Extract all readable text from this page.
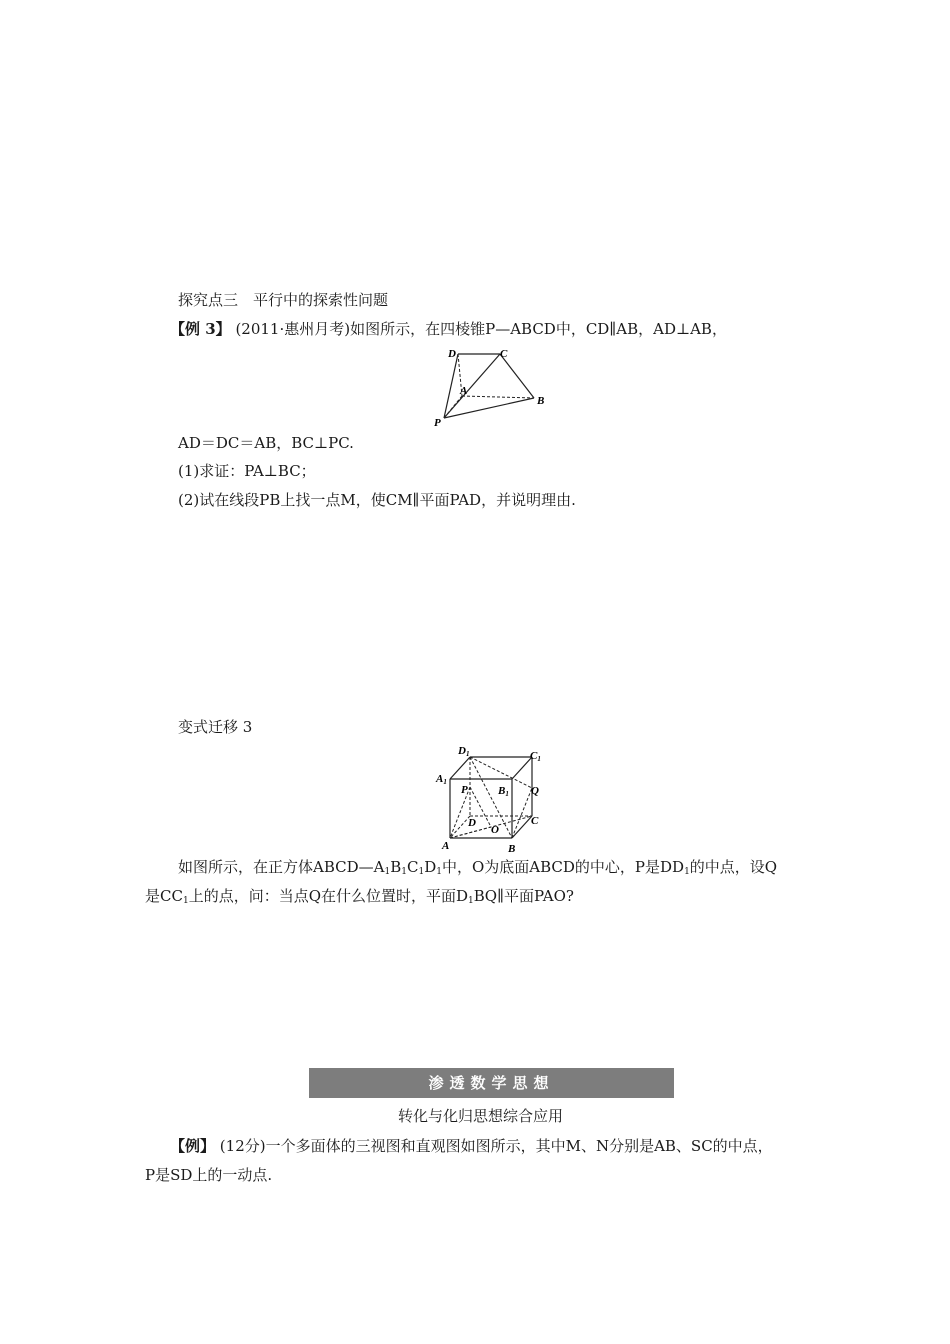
探究点三　平行中的探索性问题
【例 3】 (2011·惠州月考)如图所示，在四棱锥P—ABCD中，CD∥AB，AD⊥AB，
D	C
A
B
P
AD＝DC＝AB，BC⊥PC.
(1)求证：PA⊥BC；
(2)试在线段PB上找一点M，使CM∥平面PAD，并说明理由.
变式迁移 3
D1	C1
A1
P	B1 Q
D
O
C
A	B
如图所示，在正方体$ABCD—A_1B_1C_1D_1$中，O为底面ABCD的中心，P是$DD_1$的中点，设Q
是$CC_1$上的点，问：当点Q在什么位置时，平面$D_1BQ\parallel$平面PAO?
渗透数学思想
转化与化归思想综合应用
【例】 (12分)一个多面体的三视图和直观图如图所示，其中M、N分别是AB、SC的中点，
P是SD上的一动点.
